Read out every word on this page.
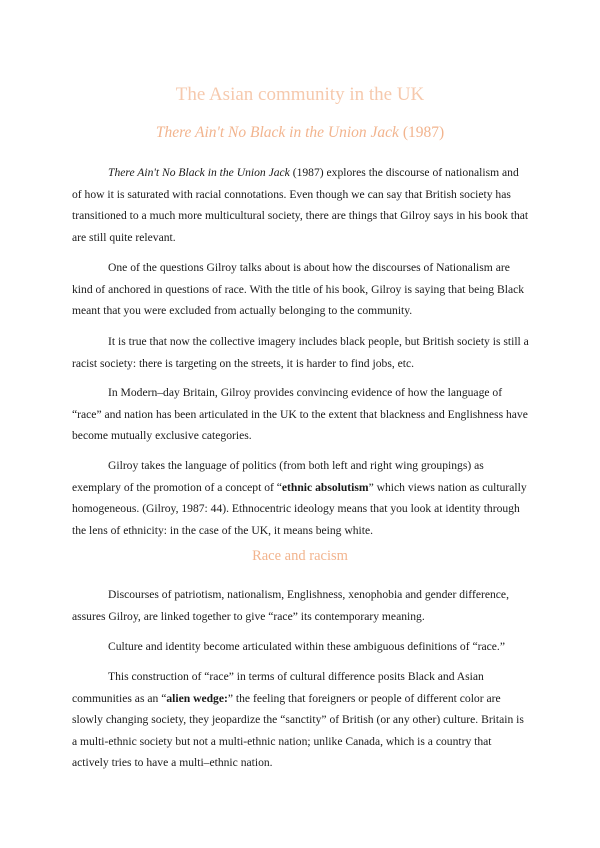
The Asian community in the UK
There Ain't No Black in the Union Jack (1987)

There Ain't No Black in the Union Jack (1987) explores the discourse of nationalism and of how it is saturated with racial connotations. Even though we can say that British society has transitioned to a much more multicultural society, there are things that Gilroy says in his book that are still quite relevant.

One of the questions Gilroy talks about is about how the discourses of Nationalism are kind of anchored in questions of race. With the title of his book, Gilroy is saying that being Black meant that you were excluded from actually belonging to the community.

It is true that now the collective imagery includes black people, but British society is still a racist society: there is targeting on the streets, it is harder to find jobs, etc.

In Modern–day Britain, Gilroy provides convincing evidence of how the language of “race” and nation has been articulated in the UK to the extent that blackness and Englishness have become mutually exclusive categories.

Gilroy takes the language of politics (from both left and right wing groupings) as exemplary of the promotion of a concept of “ethnic absolutism” which views nation as culturally homogeneous. (Gilroy, 1987: 44). Ethnocentric ideology means that you look at identity through the lens of ethnicity: in the case of the UK, it means being white.

Race and racism

Discourses of patriotism, nationalism, Englishness, xenophobia and gender difference, assures Gilroy, are linked together to give “race” its contemporary meaning.

Culture and identity become articulated within these ambiguous definitions of “race.”

This construction of “race” in terms of cultural difference posits Black and Asian communities as an “alien wedge:” the feeling that foreigners or people of different color are slowly changing society, they jeopardize the “sanctity” of British (or any other) culture. Britain is a multi-ethnic society but not a multi-ethnic nation; unlike Canada, which is a country that actively tries to have a multi–ethnic nation.
